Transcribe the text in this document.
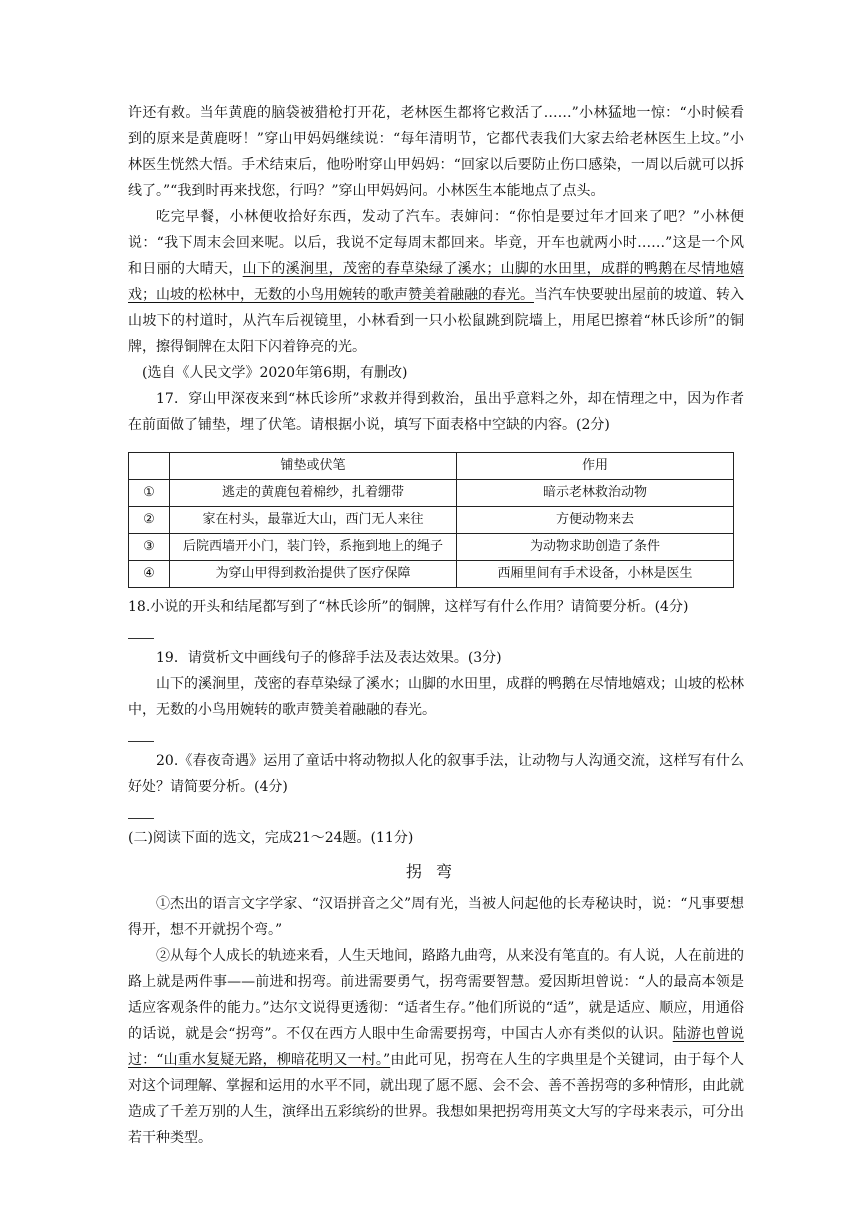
许还有救。当年黄鹿的脑袋被猎枪打开花，老林医生都将它救活了……”小林猛地一惊：“小时候看到的原来是黄鹿呀！”穿山甲妈妈继续说：“每年清明节，它都代表我们大家去给老林医生上坟。”小林医生恍然大悟。手术结束后，他吩咐穿山甲妈妈：“回家以后要防止伤口感染，一周以后就可以拆线了。”“我到时再来找您，行吗？”穿山甲妈妈问。小林医生本能地点了点头。

吃完早餐，小林便收拾好东西，发动了汽车。表婶问：“你怕是要过年才回来了吧？”小林便说：“我下周末会回来呢。以后，我说不定每周末都回来。毕竟，开车也就两小时……”这是一个风和日丽的大晴天，山下的溪涧里，茂密的春草染绿了溪水；山脚的水田里，成群的鸭鹅在尽情地嬉戏；山坡的松林中，无数的小鸟用婉转的歌声赞美着融融的春光。当汽车快要驶出屋前的坡道、转入山坡下的村道时，从汽车后视镜里，小林看到一只小松鼠跳到院墙上，用尾巴擦着“林氏诊所”的铜牌，擦得铜牌在太阳下闪着铮亮的光。

(选自《人民文学》2020年第6期，有删改)

17．穿山甲深夜来到“林氏诊所”求救并得到救治，虽出乎意料之外，却在情理之中，因为作者在前面做了铺垫，埋了伏笔。请根据小说，填写下面表格中空缺的内容。(2分)

	铺垫或伏笔	作用
①	逃走的黄鹿包着棉纱，扎着绷带	暗示老林救治动物
②	家在村头，最靠近大山，西门无人来往	方便动物来去
③	后院西墙开小门，装门铃，系拖到地上的绳子	为动物求助创造了条件
④	为穿山甲得到救治提供了医疗保障	西厢里间有手术设备，小林是医生

18.小说的开头和结尾都写到了“林氏诊所”的铜牌，这样写有什么作用？请简要分析。(4分)

19．请赏析文中画线句子的修辞手法及表达效果。(3分)

山下的溪涧里，茂密的春草染绿了溪水；山脚的水田里，成群的鸭鹅在尽情地嬉戏；山坡的松林中，无数的小鸟用婉转的歌声赞美着融融的春光。

20.《春夜奇遇》运用了童话中将动物拟人化的叙事手法，让动物与人沟通交流，这样写有什么好处？请简要分析。(4分)

(二)阅读下面的选文，完成21～24题。(11分)

拐弯

①杰出的语言文字学家、“汉语拼音之父”周有光，当被人问起他的长寿秘诀时，说：“凡事要想得开，想不开就拐个弯。”

②从每个人成长的轨迹来看，人生天地间，路路九曲弯，从来没有笔直的。有人说，人在前进的路上就是两件事——前进和拐弯。前进需要勇气，拐弯需要智慧。爱因斯坦曾说：“人的最高本领是适应客观条件的能力。”达尔文说得更透彻：“适者生存。”他们所说的“适”，就是适应、顺应，用通俗的话说，就是会“拐弯”。不仅在西方人眼中生命需要拐弯，中国古人亦有类似的认识。陆游也曾说过：“山重水复疑无路，柳暗花明又一村。”由此可见，拐弯在人生的字典里是个关键词，由于每个人对这个词理解、掌握和运用的水平不同，就出现了愿不愿、会不会、善不善拐弯的多种情形，由此就造成了千差万别的人生，演绎出五彩缤纷的世界。我想如果把拐弯用英文大写的字母来表示，可分出若干种类型。
